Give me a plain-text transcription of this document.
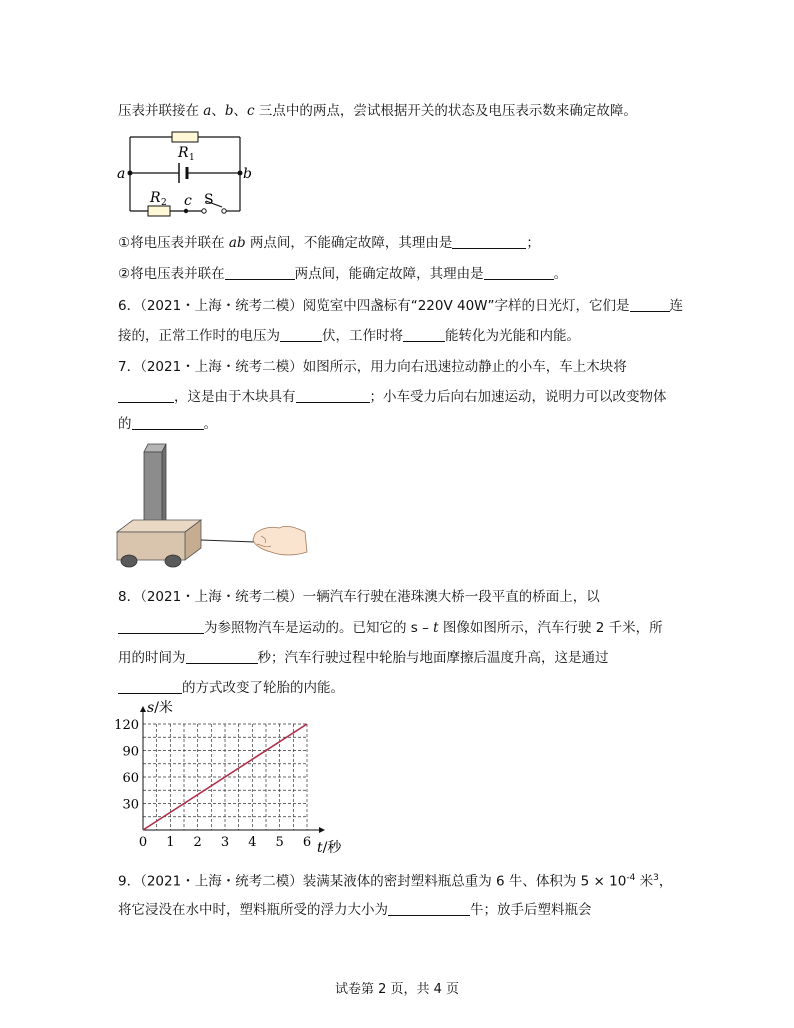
压表并联接在 a、b、c 三点中的两点，尝试根据开关的状态及电压表示数来确定故障。
a	b
c
R 1
R 2	S
①将电压表并联在 ab 两点间，不能确定故障，其理由是	；
②将电压表并联在	两点间，能确定故障，其理由是	。
6．（2021・上海・统考二模）阅览室中四盏标有“220V 40W”字样的日光灯，它们是	连
接的，正常工作时的电压为	伏，工作时将	能转化为光能和内能。
7．（2021・上海・统考二模）如图所示，用力向右迅速拉动静止的小车，车上木块将
，这是由于木块具有	；小车受力后向右加速运动，说明力可以改变物体
的	。
8．（2021・上海・统考二模）一辆汽车行驶在港珠澳大桥一段平直的桥面上，以
为参照物汽车是运动的。已知它的 s – t 图像如图所示，汽车行驶 2 千米，所
用的时间为	秒；汽车行驶过程中轮胎与地面摩擦后温度升高，这是通过
的方式改变了轮胎的内能。
0 1 2 3 4 5 6
30
60
90
120
s/米
t/秒
9．（2021・上海・统考二模）装满某液体的密封塑料瓶总重为 6 牛、体积为 $5 \times 10^{-4}$ 米$^3$，
将它浸没在水中时，塑料瓶所受的浮力大小为	牛；放手后塑料瓶会
试卷第 2 页，共 4 页
